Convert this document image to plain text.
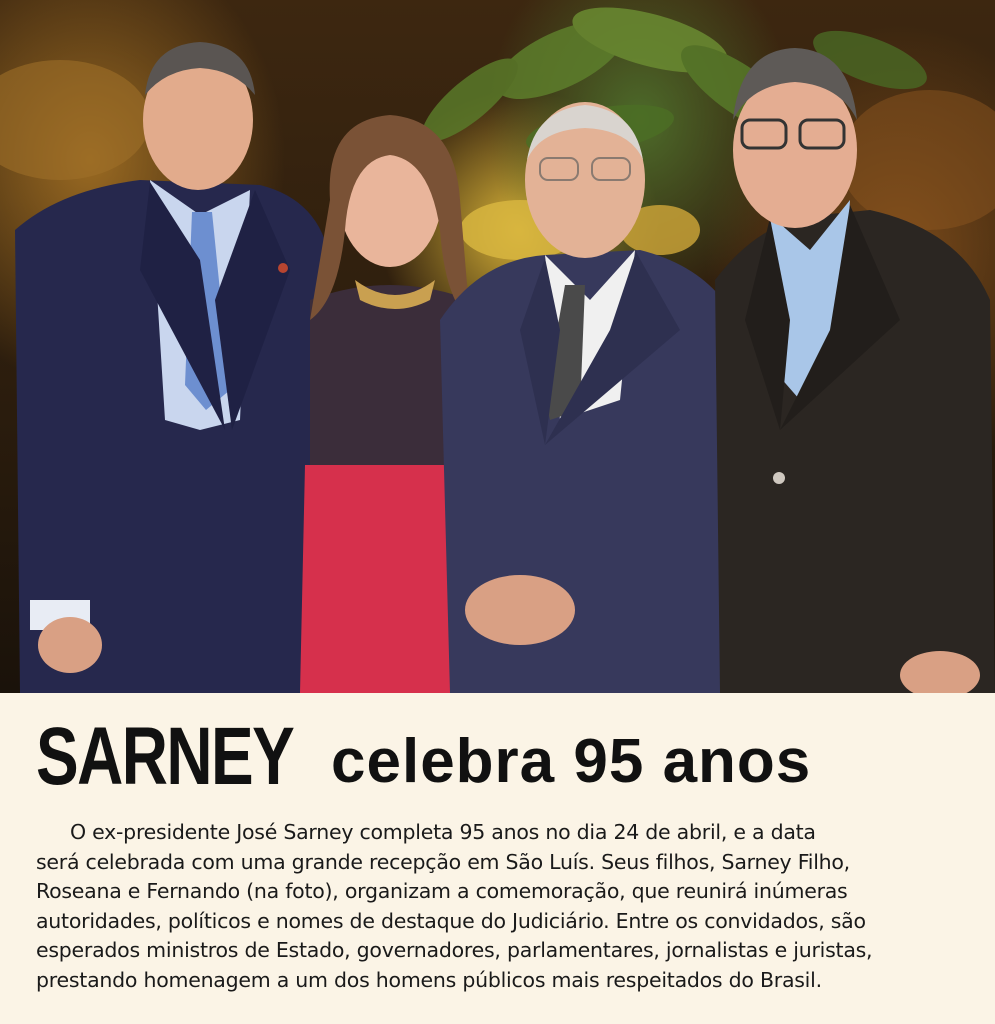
SARNEY celebra 95 anos
O ex-presidente José Sarney completa 95 anos no dia 24 de abril, e a data
será celebrada com uma grande recepção em São Luís. Seus filhos, Sarney Filho,
Roseana e Fernando (na foto), organizam a comemoração, que reunirá inúmeras
autoridades, políticos e nomes de destaque do Judiciário. Entre os convidados, são
esperados ministros de Estado, governadores, parlamentares, jornalistas e juristas,
prestando homenagem a um dos homens públicos mais respeitados do Brasil.
